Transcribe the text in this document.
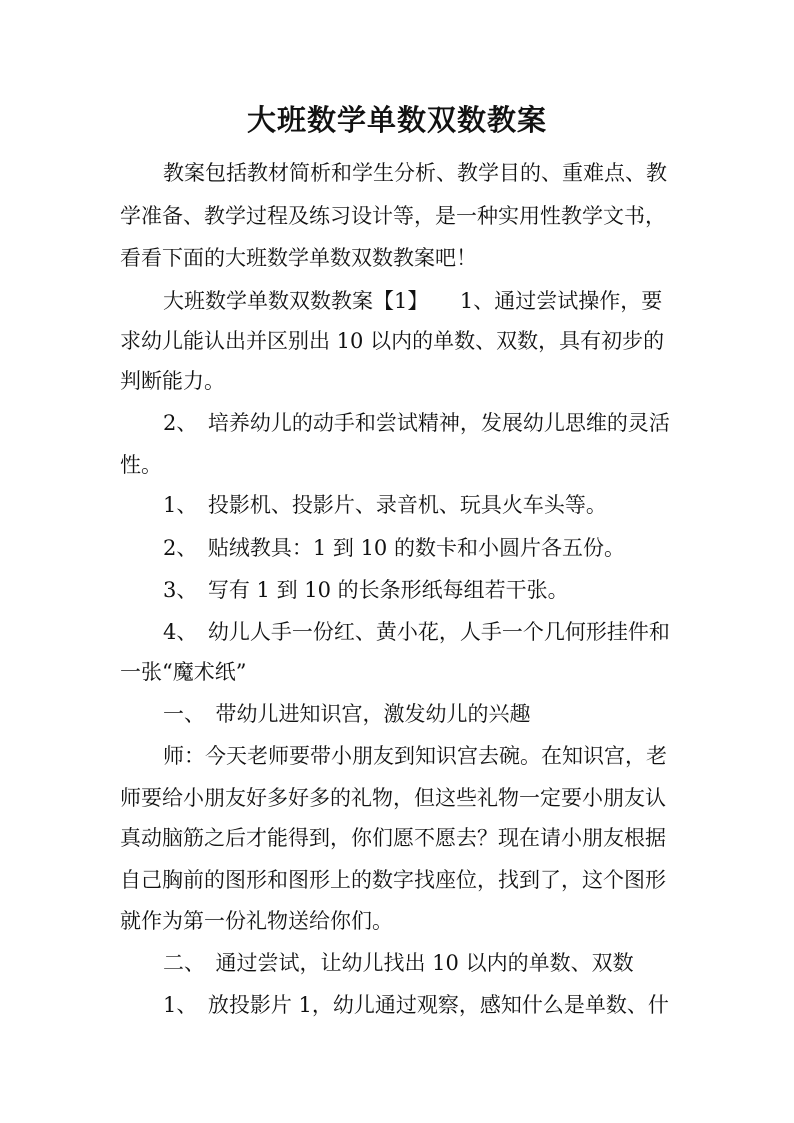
大班数学单数双数教案

教案包括教材简析和学生分析、教学目的、重难点、教

学准备、教学过程及练习设计等，是一种实用性教学文书，

看看下面的大班数学单数双数教案吧！

大班数学单数双数教案【1】　　1、通过尝试操作，要

求幼儿能认出并区别出 10 以内的单数、双数，具有初步的

判断能力。

2、　培养幼儿的动手和尝试精神，发展幼儿思维的灵活

性。

1、　投影机、投影片、录音机、玩具火车头等。

2、　贴绒教具：1 到 10 的数卡和小圆片各五份。

3、　写有 1 到 10 的长条形纸每组若干张。

4、　幼儿人手一份红、黄小花，人手一个几何形挂件和

一张“魔术纸”

一、　带幼儿进知识宫，激发幼儿的兴趣

师：今天老师要带小朋友到知识宫去碗。在知识宫，老

师要给小朋友好多好多的礼物，但这些礼物一定要小朋友认

真动脑筋之后才能得到，你们愿不愿去？现在请小朋友根据

自己胸前的图形和图形上的数字找座位，找到了，这个图形

就作为第一份礼物送给你们。

二、　通过尝试，让幼儿找出 10 以内的单数、双数

1、　放投影片 1，幼儿通过观察，感知什么是单数、什
